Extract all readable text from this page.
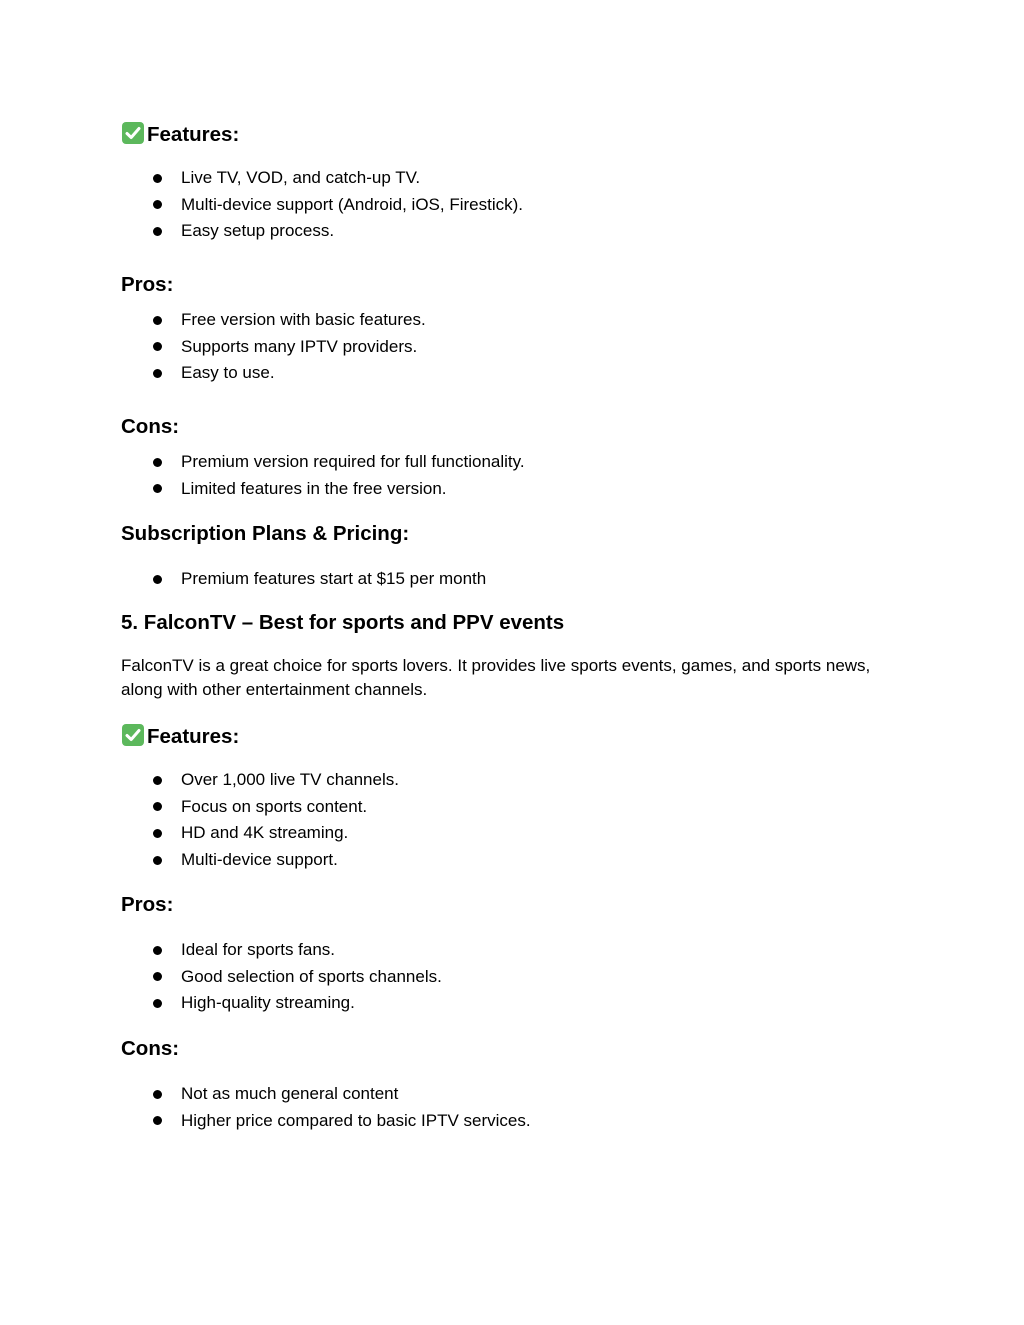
Features:
Live TV, VOD, and catch-up TV.
Multi-device support (Android, iOS, Firestick).
Easy setup process.
Pros:
Free version with basic features.
Supports many IPTV providers.
Easy to use.
Cons:
Premium version required for full functionality.
Limited features in the free version.
Subscription Plans & Pricing:
Premium features start at $15 per month
5. FalconTV – Best for sports and PPV events

FalconTV is a great choice for sports lovers. It provides live sports events, games, and sports news, along with other entertainment channels.

Features:
Over 1,000 live TV channels.
Focus on sports content.
HD and 4K streaming.
Multi-device support.
Pros:
Ideal for sports fans.
Good selection of sports channels.
High-quality streaming.
Cons:
Not as much general content
Higher price compared to basic IPTV services.
